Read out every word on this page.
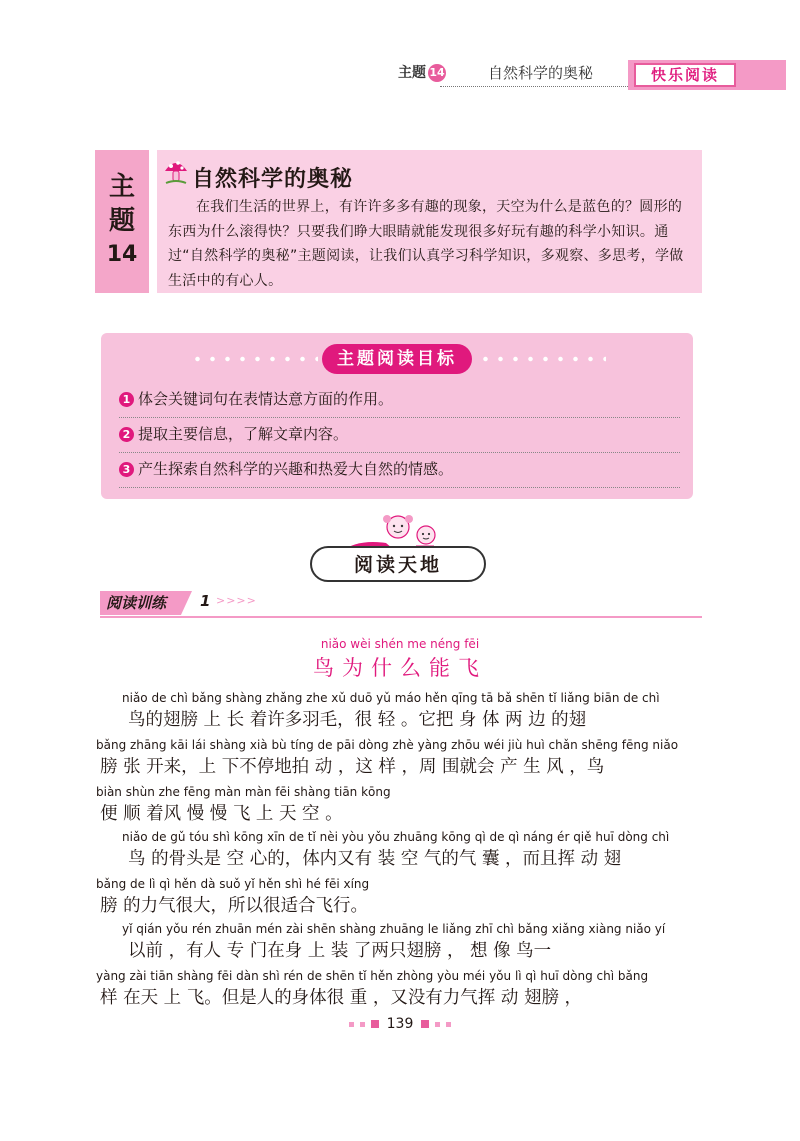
主题 14	自然科学的奥秘	快乐阅读
主
题
14
自然科学的奥秘
在我们生活的世界上，有许许多多有趣的现象，天空为什么是蓝色的？圆形的东西为什么滚得快？只要我们睁大眼睛就能发现很多好玩有趣的科学小知识。通过“自然科学的奥秘”主题阅读，让我们认真学习科学知识，多观察、多思考，学做生活中的有心人。
主题阅读目标
1 体会关键词句在表情达意方面的作用。
2 提取主要信息，了解文章内容。
3 产生探索自然科学的兴趣和热爱大自然的情感。
阅读天地
阅读训练 1 >>>>
niǎo wèi shén me néng fēi
鸟为什么能飞
niǎo de chì bǎng shàng zhǎng zhe xǔ duō yǔ máo hěn qīng tā bǎ shēn tǐ liǎng biān de chì
鸟的翅膀 上 长 着许多羽毛，很 轻 。它把 身 体 两 边 的翅
bǎng zhāng kāi lái shàng xià bù tíng de pāi dòng zhè yàng zhōu wéi jiù huì chǎn shēng fēng niǎo
膀 张 开来，上 下不停地拍 动 ，这 样 ，周 围就会 产 生 风 ，鸟
biàn shùn zhe fēng màn màn fēi shàng tiān kōng
便 顺 着风 慢 慢 飞 上 天 空 。
niǎo de gǔ tóu shì kōng xīn de tǐ nèi yòu yǒu zhuāng kōng qì de qì náng ér qiě huī dòng chì
鸟 的骨头是 空 心的，体内又有 装 空 气的气 囊 ，而且挥 动 翅
bǎng de lì qì hěn dà suǒ yǐ hěn shì hé fēi xíng
膀 的力气很大，所以很适合飞行。
yǐ qián yǒu rén zhuān mén zài shēn shàng zhuāng le liǎng zhī chì bǎng xiǎng xiàng niǎo yí
以前 ，有人 专 门在身 上 装 了两只翅膀 ， 想 像 鸟一
yàng zài tiān shàng fēi dàn shì rén de shēn tǐ hěn zhòng yòu méi yǒu lì qì huī dòng chì bǎng
样 在天 上 飞。但是人的身体很 重 ，又没有力气挥 动 翅膀 ，
139
